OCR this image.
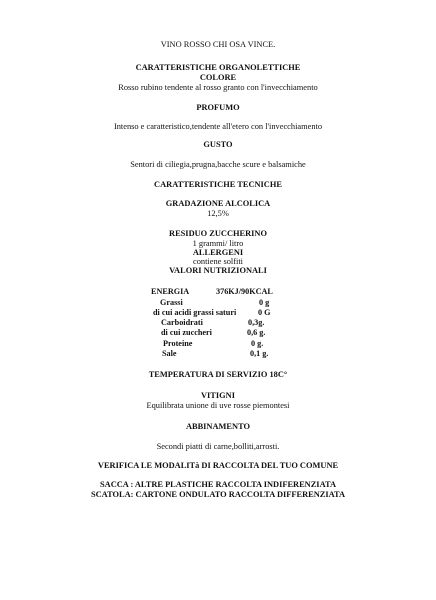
VINO ROSSO CHI OSA VINCE.
CARATTERISTICHE ORGANOLETTICHE
COLORE
Rosso rubino tendente al rosso granto con l'invecchiamento
PROFUMO
Intenso e caratteristico,tendente all'etero con l'invecchiamento
GUSTO
Sentori di ciliegia,prugna,bacche scure e balsamiche
CARATTERISTICHE TECNICHE
GRADAZIONE ALCOLICA
12,5%
RESIDUO ZUCCHERINO
1 grammi/ litro
ALLERGENI
contiene solfiti
VALORI NUTRIZIONALI
ENERGIA	376KJ/90KCAL
Grassi	0 g
di cui acidi grassi saturi	0 G
Carboidrati	0,3g.
di cui zuccheri	0,6 g.
Proteine	0 g.
Sale	0,1 g.
TEMPERATURA DI SERVIZIO 18C°
VITIGNI
Equilibrata unione di uve rosse piemontesi
ABBINAMENTO
Secondi piatti di carne,bolliti,arrosti.
VERIFICA LE MODALITà DI RACCOLTA DEL TUO COMUNE
SACCA : ALTRE PLASTICHE RACCOLTA INDIFERENZIATA
SCATOLA: CARTONE ONDULATO RACCOLTA DIFFERENZIATA
